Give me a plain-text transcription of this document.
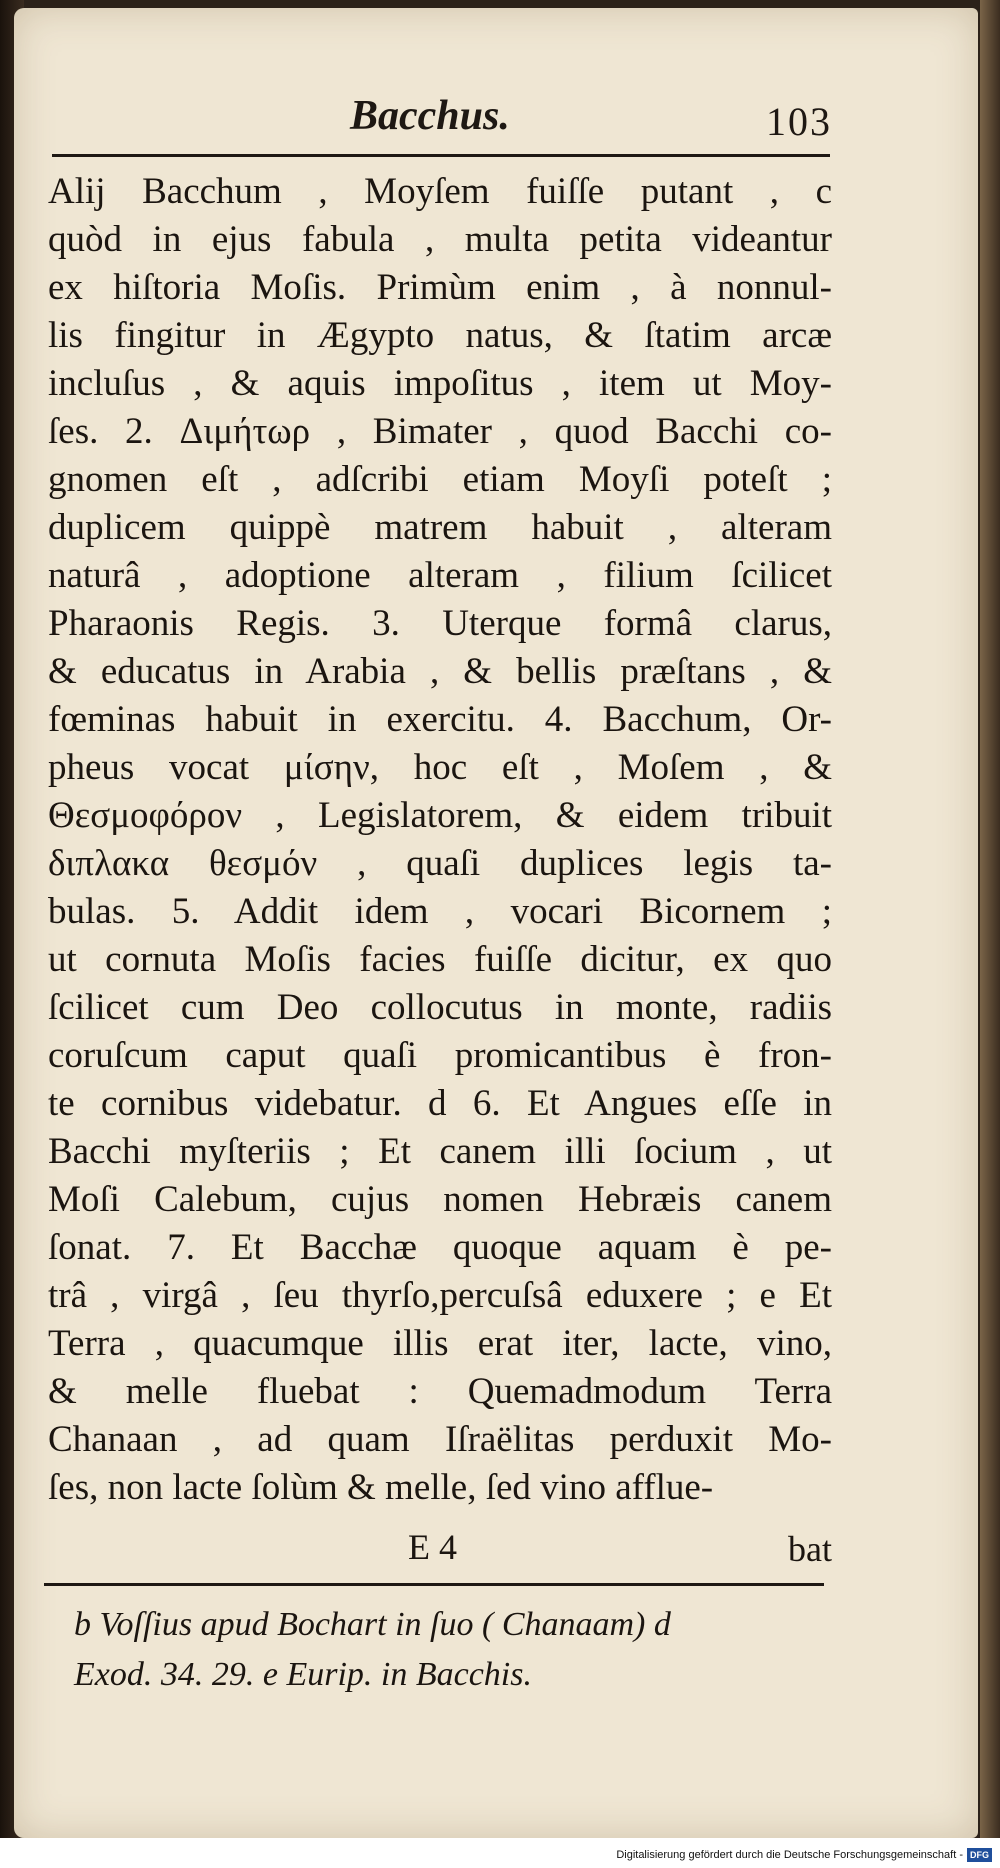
Bacchus.	103
Alij Bacchum , Moyſem fuiſſe putant , c
quòd in ejus fabula , multa petita videantur
ex hiſtoria Moſis. Primùm enim , à nonnul-
lis fingitur in Ægypto natus, & ſtatim arcæ
incluſus , & aquis impoſitus , item ut Moy-
ſes. 2. Διμήτωρ , Bimater , quod Bacchi co-
gnomen eſt , adſcribi etiam Moyſi poteſt ;
duplicem quippè matrem habuit , alteram
naturâ , adoptione alteram , filium ſcilicet
Pharaonis Regis. 3. Uterque formâ clarus,
& educatus in Arabia , & bellis præſtans , &
fœminas habuit in exercitu. 4. Bacchum, Or-
pheus vocat μίσην, hoc eſt , Moſem , &
Θεσμοφόρον , Legislatorem, & eidem tribuit
διπλακα θεσμόν , quaſi duplices legis ta-
bulas. 5. Addit idem , vocari Bicornem ;
ut cornuta Moſis facies fuiſſe dicitur, ex quo
ſcilicet cum Deo collocutus in monte, radiis
coruſcum caput quaſi promicantibus è fron-
te cornibus videbatur. d 6. Et Angues eſſe in
Bacchi myſteriis ; Et canem illi ſocium , ut
Moſi Calebum, cujus nomen Hebræis canem
ſonat. 7. Et Bacchæ quoque aquam è pe-
trâ , virgâ , ſeu thyrſo,percuſsâ eduxere ; e Et
Terra , quacumque illis erat iter, lacte, vino,
& melle fluebat : Quemadmodum Terra
Chanaan , ad quam Iſraëlitas perduxit Mo-
ſes, non lacte ſolùm & melle, ſed vino afflue-
E 4	bat
b Voſſius apud Bochart in ſuo ( Chanaam) d
Exod. 34. 29. e Eurip. in Bacchis.
Digitalisierung gefördert durch die Deutsche Forschungsgemeinschaft - DFG
